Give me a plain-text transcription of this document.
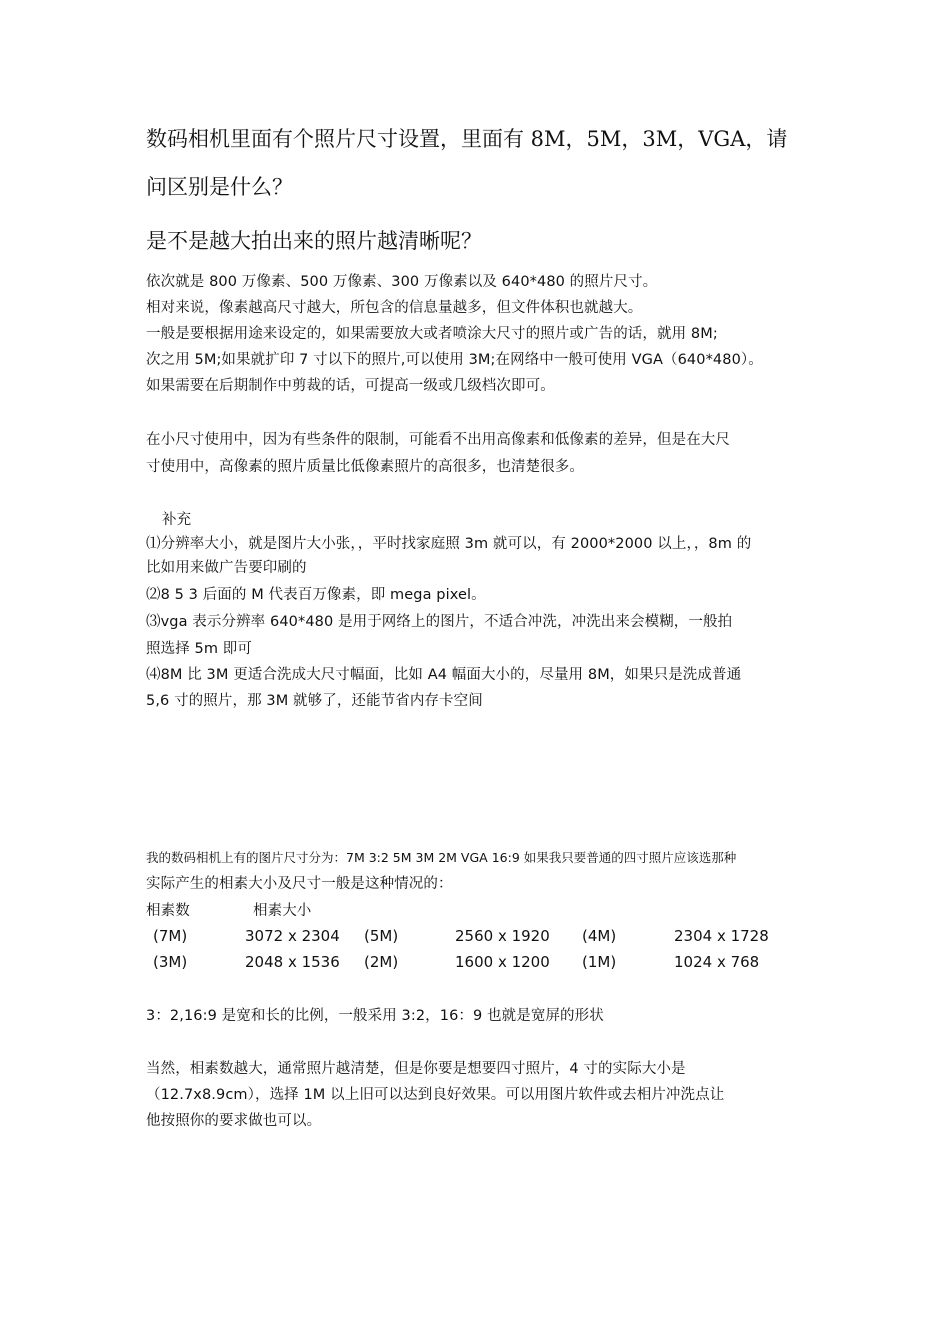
数码相机里面有个照片尺寸设置，里面有 8M，5M，3M，VGA，请
问区别是什么？
是不是越大拍出来的照片越清晰呢？
依次就是 800 万像素、500 万像素、300 万像素以及 640*480 的照片尺寸。
相对来说，像素越高尺寸越大，所包含的信息量越多，但文件体积也就越大。
一般是要根据用途来设定的，如果需要放大或者喷涂大尺寸的照片或广告的话，就用 8M;
次之用 5M;如果就扩印 7 寸以下的照片,可以使用 3M;在网络中一般可使用 VGA（640*480）。
如果需要在后期制作中剪裁的话，可提高一级或几级档次即可。
在小尺寸使用中，因为有些条件的限制，可能看不出用高像素和低像素的差异，但是在大尺
寸使用中，高像素的照片质量比低像素照片的高很多，也清楚很多。
补充
⑴分辨率大小，就是图片大小张，，平时找家庭照 3m 就可以，有 2000*2000 以上，，8m 的
比如用来做广告要印刷的
⑵8 5 3 后面的 M 代表百万像素，即 mega pixel。
⑶vga 表示分辨率 640*480 是用于网络上的图片，不适合冲洗，冲洗出来会模糊，一般拍
照选择 5m 即可
⑷8M 比 3M 更适合洗成大尺寸幅面，比如 A4 幅面大小的，尽量用 8M，如果只是洗成普通
5,6 寸的照片，那 3M 就够了，还能节省内存卡空间
我的数码相机上有的图片尺寸分为：7M 3:2 5M 3M 2M VGA 16:9 如果我只要普通的四寸照片应该选那种
实际产生的相素大小及尺寸一般是这种情况的：
相素数	相素大小
(7M)	3072 x 2304 (5M)	2560 x 1920 (4M)	2304 x 1728
(3M)	2048 x 1536 (2M)	1600 x 1200 (1M)	1024 x 768
3：2,16:9 是宽和长的比例，一般采用 3:2，16：9 也就是宽屏的形状
当然，相素数越大，通常照片越清楚，但是你要是想要四寸照片，4 寸的实际大小是
（12.7x8.9cm），选择 1M 以上旧可以达到良好效果。可以用图片软件或去相片冲洗点让
他按照你的要求做也可以。
